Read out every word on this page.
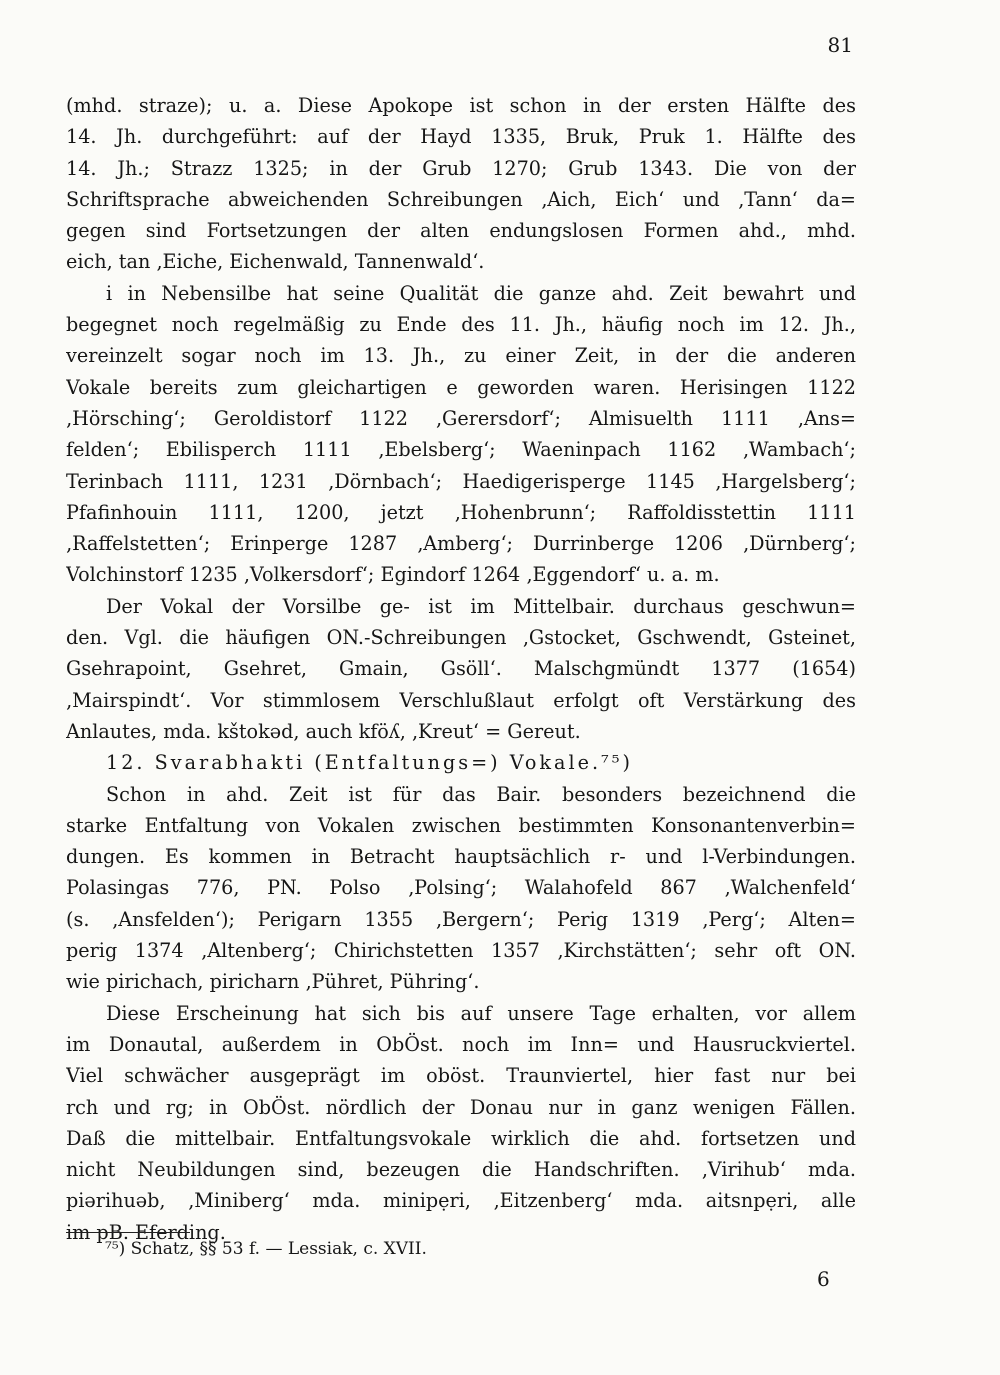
81
(mhd. straze); u. a. Diese Apokope ist schon in der ersten Hälfte des
14. Jh. durchgeführt: auf der Hayd 1335, Bruk, Pruk 1. Hälfte des
14. Jh.; Strazz 1325; in der Grub 1270; Grub 1343. Die von der
Schriftsprache abweichenden Schreibungen ‚Aich, Eich‘ und ‚Tann‘ da=
gegen sind Fortsetzungen der alten endungslosen Formen ahd., mhd.
eich, tan ‚Eiche, Eichenwald, Tannenwald‘.
i in Nebensilbe hat seine Qualität die ganze ahd. Zeit bewahrt und
begegnet noch regelmäßig zu Ende des 11. Jh., häufig noch im 12. Jh.,
vereinzelt sogar noch im 13. Jh., zu einer Zeit, in der die anderen
Vokale bereits zum gleichartigen e geworden waren. Herisingen 1122
‚Hörsching‘; Geroldistorf 1122 ‚Gerersdorf‘; Almisuelth 1111 ‚Ans=
felden‘; Ebilisperch 1111 ‚Ebelsberg‘; Waeninpach 1162 ‚Wambach‘;
Terinbach 1111, 1231 ‚Dörnbach‘; Haedigerisperge 1145 ‚Hargelsberg‘;
Pfafinhouin 1111, 1200, jetzt ‚Hohenbrunn‘; Raffoldisstettin 1111
‚Raffelstetten‘; Erinperge 1287 ‚Amberg‘; Durrinberge 1206 ‚Dürnberg‘;
Volchinstorf 1235 ‚Volkersdorf‘; Egindorf 1264 ‚Eggendorf‘ u. a. m.
Der Vokal der Vorsilbe ge- ist im Mittelbair. durchaus geschwun=
den. Vgl. die häufigen ON.-Schreibungen ‚Gstocket, Gschwendt, Gsteinet,
Gsehrapoint, Gsehret, Gmain, Gsöll‘. Malschgmündt 1377 (1654)
‚Mairspindt‘. Vor stimmlosem Verschlußlaut erfolgt oft Verstärkung des
Anlautes, mda. kštokəd, auch kföʎ, ‚Kreut‘ = Gereut.
12. Svarabhakti (Entfaltungs=) Vokale.⁷⁵)
Schon in ahd. Zeit ist für das Bair. besonders bezeichnend die
starke Entfaltung von Vokalen zwischen bestimmten Konsonantenverbin=
dungen. Es kommen in Betracht hauptsächlich r- und l-Verbindungen.
Polasingas 776, PN. Polso ‚Polsing‘; Walahofeld 867 ‚Walchenfeld‘
(s. ‚Ansfelden‘); Perigarn 1355 ‚Bergern‘; Perig 1319 ‚Perg‘; Alten=
perig 1374 ‚Altenberg‘; Chirichstetten 1357 ‚Kirchstätten‘; sehr oft ON.
wie pirichach, piricharn ‚Pühret, Pühring‘.
Diese Erscheinung hat sich bis auf unsere Tage erhalten, vor allem
im Donautal, außerdem in ObÖst. noch im Inn= und Hausruckviertel.
Viel schwächer ausgeprägt im oböst. Traunviertel, hier fast nur bei
rch und rg; in ObÖst. nördlich der Donau nur in ganz wenigen Fällen.
Daß die mittelbair. Entfaltungsvokale wirklich die ahd. fortsetzen und
nicht Neubildungen sind, bezeugen die Handschriften. ‚Virihub‘ mda.
piərihuəb, ‚Miniberg‘ mda. minipẹri, ‚Eitzenberg‘ mda. aitsnpẹri, alle
im pB. Eferding.
⁷⁵) Schatz, §§ 53 f. — Lessiak, c. XVII.
6
